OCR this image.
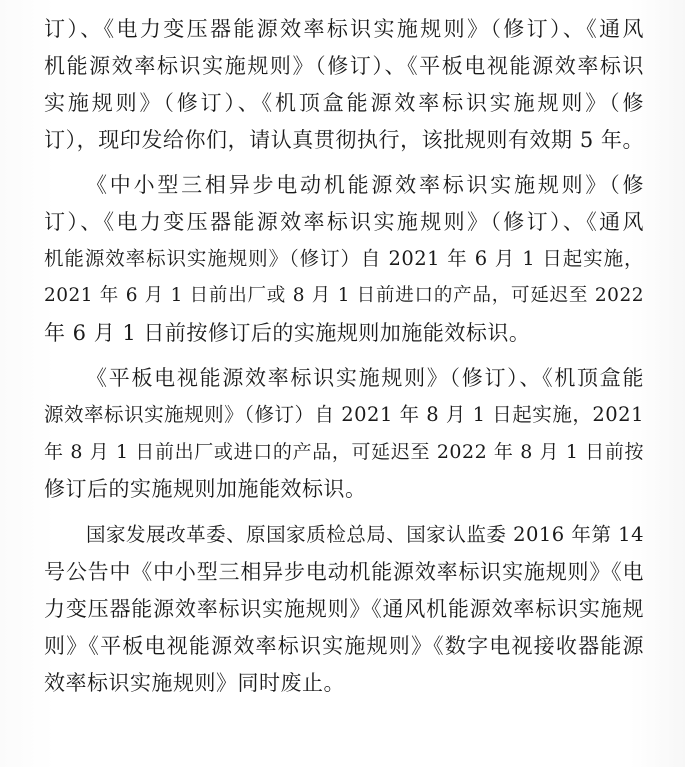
订）、《电力变压器能源效率标识实施规则》（修订）、《通风
机能源效率标识实施规则》（修订）、《平板电视能源效率标识
实施规则》（修订）、《机顶盒能源效率标识实施规则》（修
订），现印发给你们，请认真贯彻执行，该批规则有效期 5 年。
《中小型三相异步电动机能源效率标识实施规则》（修
订）、《电力变压器能源效率标识实施规则》（修订）、《通风
机能源效率标识实施规则》（修订）自 2021 年 6 月 1 日起实施，
2021 年 6 月 1 日前出厂或 8 月 1 日前进口的产品，可延迟至 2022
年 6 月 1 日前按修订后的实施规则加施能效标识。
《平板电视能源效率标识实施规则》（修订）、《机顶盒能
源效率标识实施规则》（修订）自 2021 年 8 月 1 日起实施，2021
年 8 月 1 日前出厂或进口的产品，可延迟至 2022 年 8 月 1 日前按
修订后的实施规则加施能效标识。
国家发展改革委、原国家质检总局、国家认监委 2016 年第 14
号公告中《中小型三相异步电动机能源效率标识实施规则》《电
力变压器能源效率标识实施规则》《通风机能源效率标识实施规
则》《平板电视能源效率标识实施规则》《数字电视接收器能源
效率标识实施规则》同时废止。
